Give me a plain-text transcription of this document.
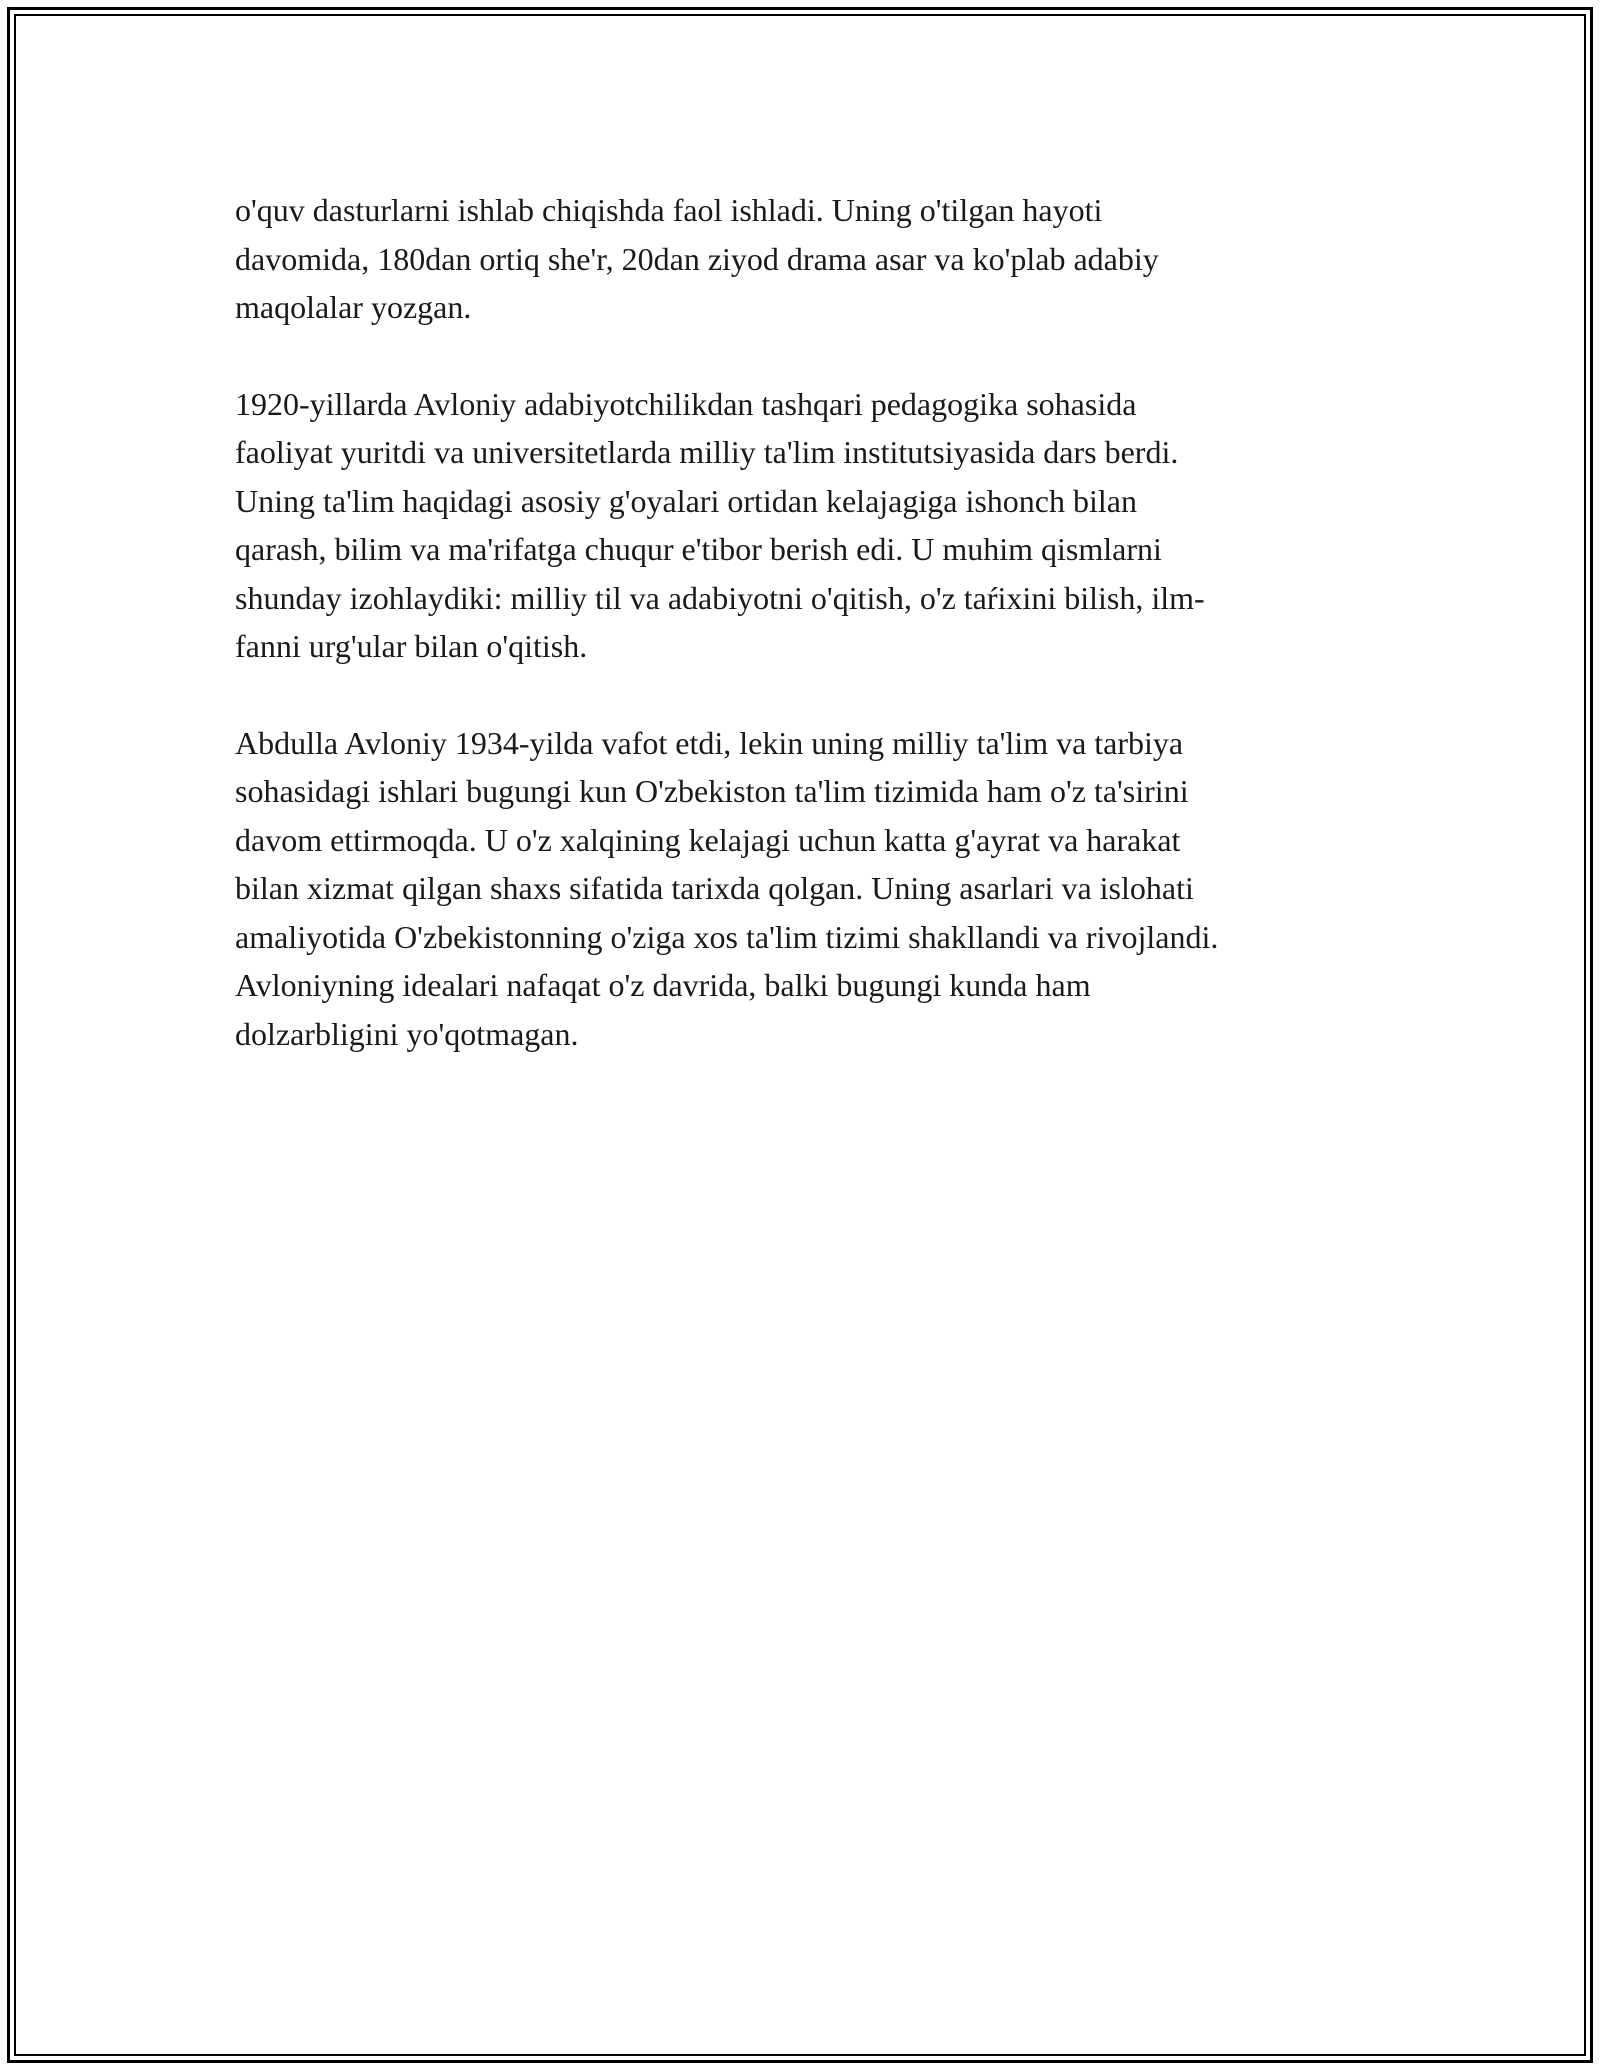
o'quv dasturlarni ishlab chiqishda faol ishladi. Uning o'tilgan hayoti
davomida, 180dan ortiq she'r, 20dan ziyod drama asar va ko'plab adabiy
maqolalar yozgan.

1920-yillarda Avloniy adabiyotchilikdan tashqari pedagogika sohasida
faoliyat yuritdi va universitetlarda milliy ta'lim institutsiyasida dars berdi.
Uning ta'lim haqidagi asosiy g'oyalari ortidan kelajagiga ishonch bilan
qarash, bilim va ma'rifatga chuqur e'tibor berish edi. U muhim qismlarni
shunday izohlaydiki: milliy til va adabiyotni o'qitish, o'z taŕixini bilish, ilm-
fanni urg'ular bilan o'qitish.

Abdulla Avloniy 1934-yilda vafot etdi, lekin uning milliy ta'lim va tarbiya
sohasidagi ishlari bugungi kun O'zbekiston ta'lim tizimida ham o'z ta'sirini
davom ettirmoqda. U o'z xalqining kelajagi uchun katta g'ayrat va harakat
bilan xizmat qilgan shaxs sifatida tarixda qolgan. Uning asarlari va islohati
amaliyotida O'zbekistonning o'ziga xos ta'lim tizimi shakllandi va rivojlandi.
Avloniyning idealari nafaqat o'z davrida, balki bugungi kunda ham
dolzarbligini yo'qotmagan.
